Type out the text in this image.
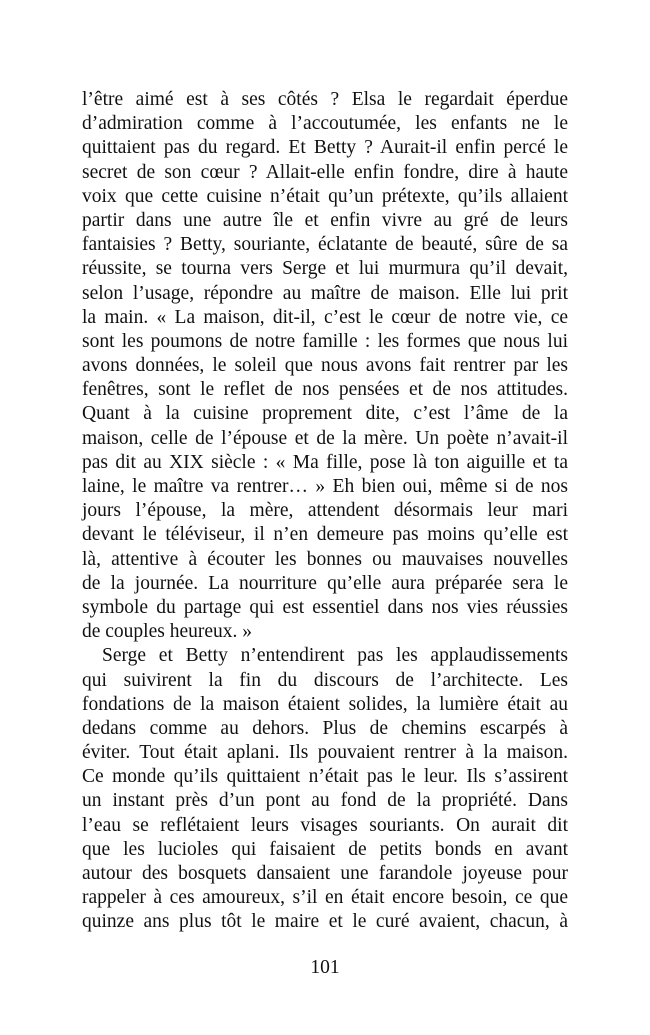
l’être aimé est à ses côtés ? Elsa le regardait éperdue
d’admiration comme à l’accoutumée, les enfants ne le
quittaient pas du regard. Et Betty ? Aurait-il enfin percé le
secret de son cœur ? Allait-elle enfin fondre, dire à haute
voix que cette cuisine n’était qu’un prétexte, qu’ils allaient
partir dans une autre île et enfin vivre au gré de leurs
fantaisies ? Betty, souriante, éclatante de beauté, sûre de sa
réussite, se tourna vers Serge et lui murmura qu’il devait,
selon l’usage, répondre au maître de maison. Elle lui prit
la main. « La maison, dit-il, c’est le cœur de notre vie, ce
sont les poumons de notre famille : les formes que nous lui
avons données, le soleil que nous avons fait rentrer par les
fenêtres, sont le reflet de nos pensées et de nos attitudes.
Quant à la cuisine proprement dite, c’est l’âme de la
maison, celle de l’épouse et de la mère. Un poète n’avait-il
pas dit au XIX siècle : « Ma fille, pose là ton aiguille et ta
laine, le maître va rentrer… » Eh bien oui, même si de nos
jours l’épouse, la mère, attendent désormais leur mari
devant le téléviseur, il n’en demeure pas moins qu’elle est
là, attentive à écouter les bonnes ou mauvaises nouvelles
de la journée. La nourriture qu’elle aura préparée sera le
symbole du partage qui est essentiel dans nos vies réussies
de couples heureux. »
Serge et Betty n’entendirent pas les applaudissements
qui suivirent la fin du discours de l’architecte. Les
fondations de la maison étaient solides, la lumière était au
dedans comme au dehors. Plus de chemins escarpés à
éviter. Tout était aplani. Ils pouvaient rentrer à la maison.
Ce monde qu’ils quittaient n’était pas le leur. Ils s’assirent
un instant près d’un pont au fond de la propriété. Dans
l’eau se reflétaient leurs visages souriants. On aurait dit
que les lucioles qui faisaient de petits bonds en avant
autour des bosquets dansaient une farandole joyeuse pour
rappeler à ces amoureux, s’il en était encore besoin, ce que
quinze ans plus tôt le maire et le curé avaient, chacun, à
101
